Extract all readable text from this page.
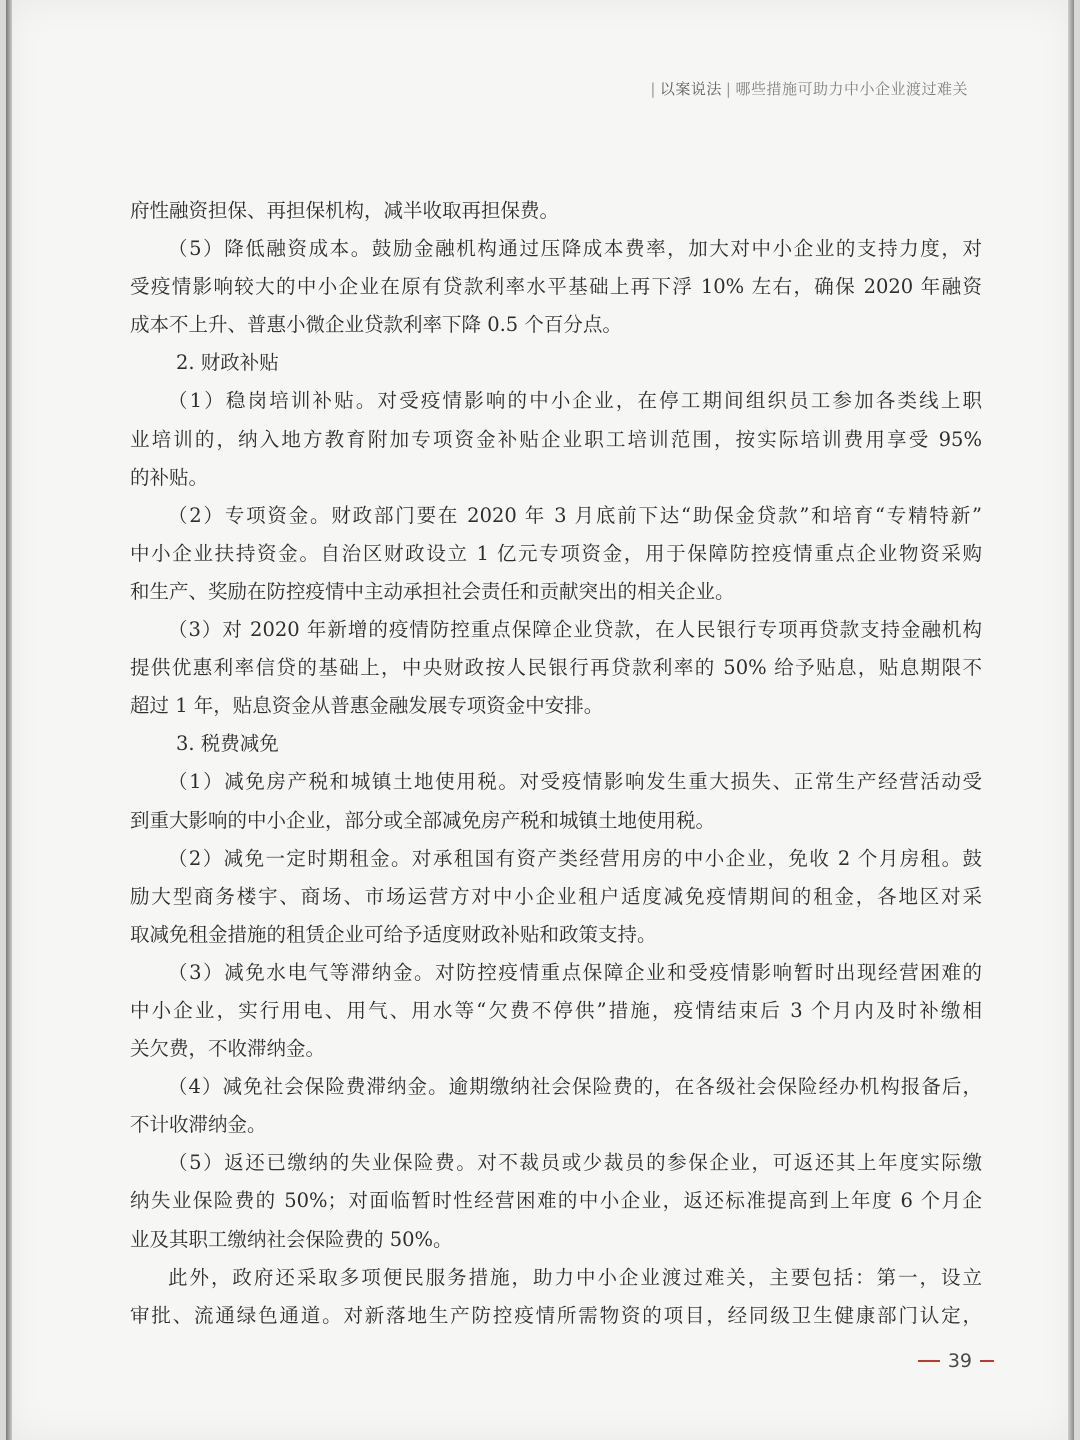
| 以案说法 | 哪些措施可助力中小企业渡过难关
府性融资担保、再担保机构，减半收取再担保费。
（5）降低融资成本。鼓励金融机构通过压降成本费率，加大对中小企业的支持力度，对
受疫情影响较大的中小企业在原有贷款利率水平基础上再下浮 10% 左右，确保 2020 年融资
成本不上升、普惠小微企业贷款利率下降 0.5 个百分点。
2. 财政补贴
（1）稳岗培训补贴。对受疫情影响的中小企业，在停工期间组织员工参加各类线上职
业培训的，纳入地方教育附加专项资金补贴企业职工培训范围，按实际培训费用享受 95%
的补贴。
（2）专项资金。财政部门要在 2020 年 3 月底前下达“助保金贷款”和培育“专精特新”
中小企业扶持资金。自治区财政设立 1 亿元专项资金，用于保障防控疫情重点企业物资采购
和生产、奖励在防控疫情中主动承担社会责任和贡献突出的相关企业。
（3）对 2020 年新增的疫情防控重点保障企业贷款，在人民银行专项再贷款支持金融机构
提供优惠利率信贷的基础上，中央财政按人民银行再贷款利率的 50% 给予贴息，贴息期限不
超过 1 年，贴息资金从普惠金融发展专项资金中安排。
3. 税费减免
（1）减免房产税和城镇土地使用税。对受疫情影响发生重大损失、正常生产经营活动受
到重大影响的中小企业，部分或全部减免房产税和城镇土地使用税。
（2）减免一定时期租金。对承租国有资产类经营用房的中小企业，免收 2 个月房租。鼓
励大型商务楼宇、商场、市场运营方对中小企业租户适度减免疫情期间的租金，各地区对采
取减免租金措施的租赁企业可给予适度财政补贴和政策支持。
（3）减免水电气等滞纳金。对防控疫情重点保障企业和受疫情影响暂时出现经营困难的
中小企业，实行用电、用气、用水等“欠费不停供”措施，疫情结束后 3 个月内及时补缴相
关欠费，不收滞纳金。
（4）减免社会保险费滞纳金。逾期缴纳社会保险费的，在各级社会保险经办机构报备后，
不计收滞纳金。
（5）返还已缴纳的失业保险费。对不裁员或少裁员的参保企业，可返还其上年度实际缴
纳失业保险费的 50%；对面临暂时性经营困难的中小企业，返还标准提高到上年度 6 个月企
业及其职工缴纳社会保险费的 50%。
此外，政府还采取多项便民服务措施，助力中小企业渡过难关，主要包括：第一，设立
审批、流通绿色通道。对新落地生产防控疫情所需物资的项目，经同级卫生健康部门认定，
39
